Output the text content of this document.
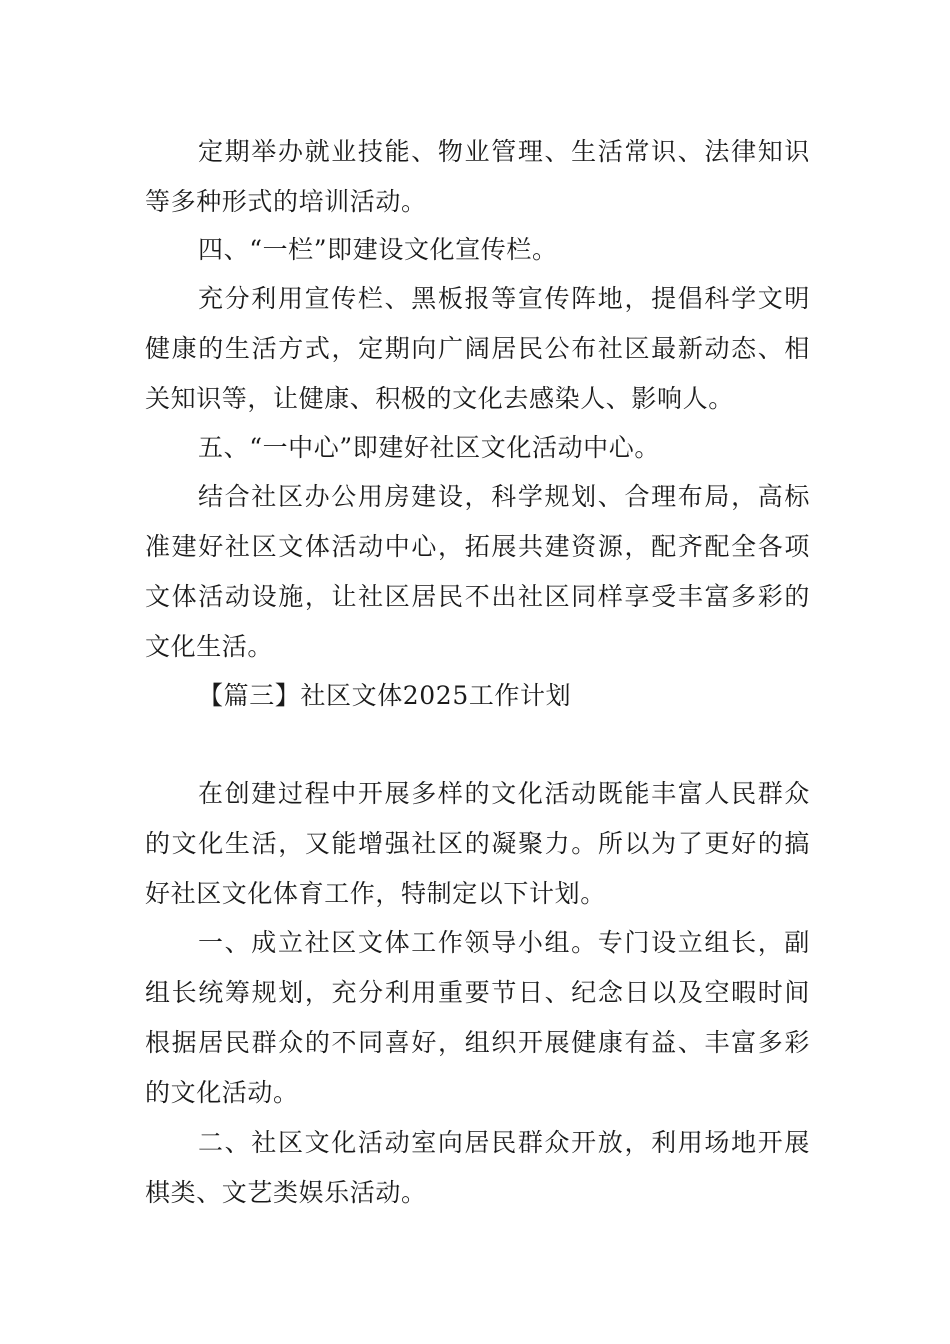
定期举办就业技能、物业管理、生活常识、法律知识等多种形式的培训活动。

四、“一栏”即建设文化宣传栏。

充分利用宣传栏、黑板报等宣传阵地，提倡科学文明健康的生活方式，定期向广阔居民公布社区最新动态、相关知识等，让健康、积极的文化去感染人、影响人。

五、“一中心”即建好社区文化活动中心。

结合社区办公用房建设，科学规划、合理布局，高标准建好社区文体活动中心，拓展共建资源，配齐配全各项文体活动设施，让社区居民不出社区同样享受丰富多彩的文化生活。

【篇三】社区文体2025工作计划

在创建过程中开展多样的文化活动既能丰富人民群众的文化生活，又能增强社区的凝聚力。所以为了更好的搞好社区文化体育工作，特制定以下计划。

一、成立社区文体工作领导小组。专门设立组长，副组长统筹规划，充分利用重要节日、纪念日以及空暇时间根据居民群众的不同喜好，组织开展健康有益、丰富多彩的文化活动。

二、社区文化活动室向居民群众开放，利用场地开展棋类、文艺类娱乐活动。
